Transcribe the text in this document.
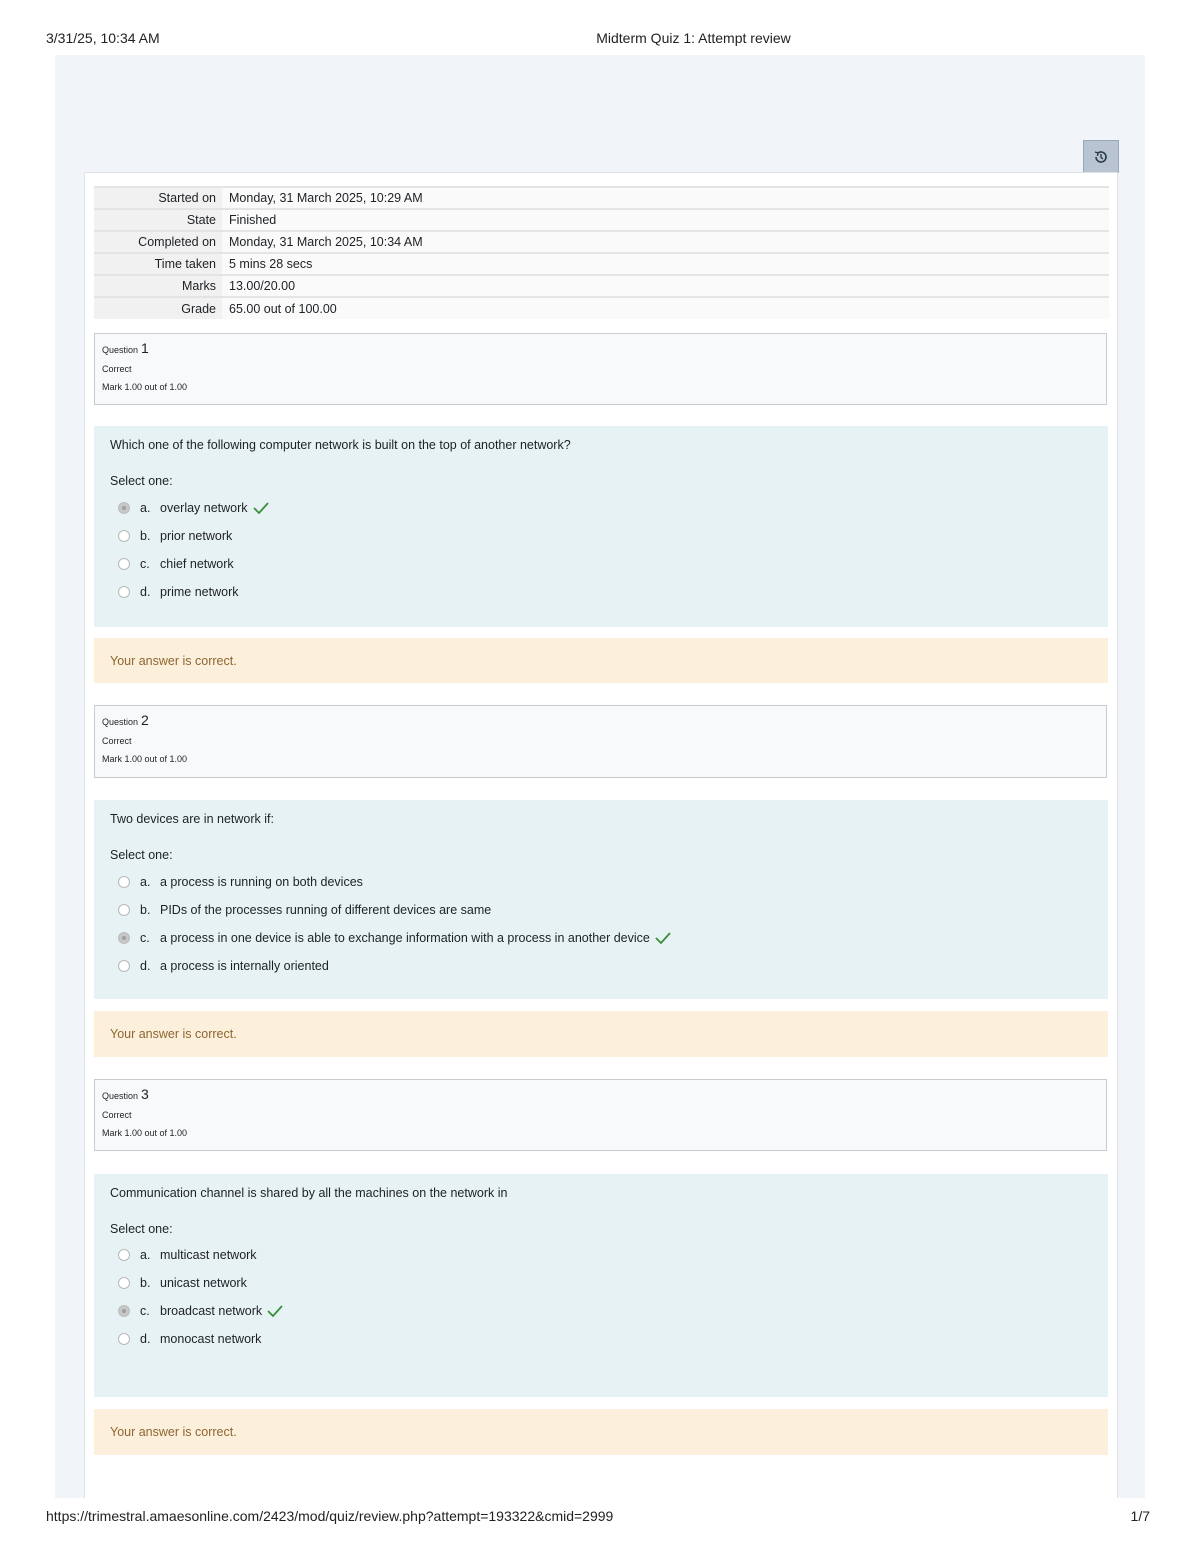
3/31/25, 10:34 AM	Midterm Quiz 1: Attempt review
Started on	Monday, 31 March 2025, 10:29 AM
State	Finished
Completed on	Monday, 31 March 2025, 10:34 AM
Time taken	5 mins 28 secs
Marks	13.00/20.00
Grade	65.00 out of 100.00
Question 1
Correct
Mark 1.00 out of 1.00
Which one of the following computer network is built on the top of another network?
Select one:
a. overlay network
b. prior network
c. chief network
d. prime network
Your answer is correct.
Question 2
Correct
Mark 1.00 out of 1.00
Two devices are in network if:
Select one:
a. a process is running on both devices
b. PIDs of the processes running of different devices are same
c. a process in one device is able to exchange information with a process in another device
d. a process is internally oriented
Your answer is correct.
Question 3
Correct
Mark 1.00 out of 1.00
Communication channel is shared by all the machines on the network in
Select one:
a. multicast network
b. unicast network
c. broadcast network
d. monocast network
Your answer is correct.
https://trimestral.amaesonline.com/2423/mod/quiz/review.php?attempt=193322&cmid=2999	1/7
